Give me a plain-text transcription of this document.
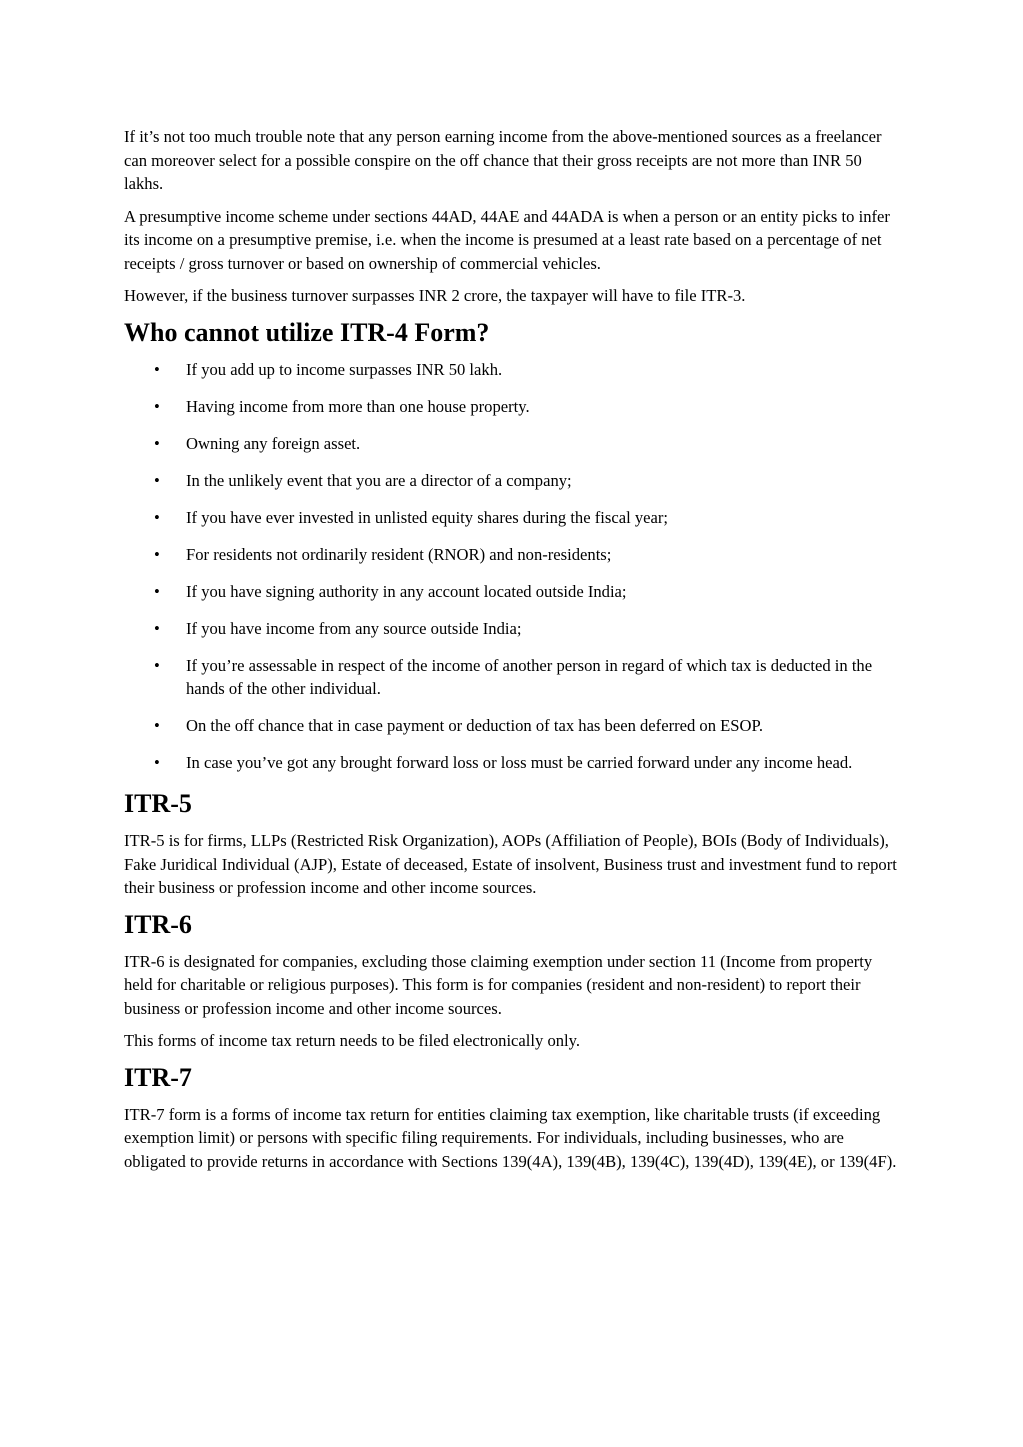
If it’s not too much trouble note that any person earning income from the above-mentioned sources as a freelancer can moreover select for a possible conspire on the off chance that their gross receipts are not more than INR 50 lakhs.

A presumptive income scheme under sections 44AD, 44AE and 44ADA is when a person or an entity picks to infer its income on a presumptive premise, i.e. when the income is presumed at a least rate based on a percentage of net receipts / gross turnover or based on ownership of commercial vehicles.

However, if the business turnover surpasses INR 2 crore, the taxpayer will have to file ITR-3.

Who cannot utilize ITR-4 Form?
• If you add up to income surpasses INR 50 lakh.
• Having income from more than one house property.
• Owning any foreign asset.
• In the unlikely event that you are a director of a company;
• If you have ever invested in unlisted equity shares during the fiscal year;
• For residents not ordinarily resident (RNOR) and non-residents;
• If you have signing authority in any account located outside India;
• If you have income from any source outside India;
• If you’re assessable in respect of the income of another person in regard of which tax is deducted in the hands of the other individual.
• On the off chance that in case payment or deduction of tax has been deferred on ESOP.
• In case you’ve got any brought forward loss or loss must be carried forward under any income head.
ITR-5

ITR-5 is for firms, LLPs (Restricted Risk Organization), AOPs (Affiliation of People), BOIs (Body of Individuals), Fake Juridical Individual (AJP), Estate of deceased, Estate of insolvent, Business trust and investment fund to report their business or profession income and other income sources.

ITR-6

ITR-6 is designated for companies, excluding those claiming exemption under section 11 (Income from property held for charitable or religious purposes). This form is for companies (resident and non-resident) to report their business or profession income and other income sources.

This forms of income tax return needs to be filed electronically only.

ITR-7

ITR-7 form is a forms of income tax return for entities claiming tax exemption, like charitable trusts (if exceeding exemption limit) or persons with specific filing requirements. For individuals, including businesses, who are obligated to provide returns in accordance with Sections 139(4A), 139(4B), 139(4C), 139(4D), 139(4E), or 139(4F).
